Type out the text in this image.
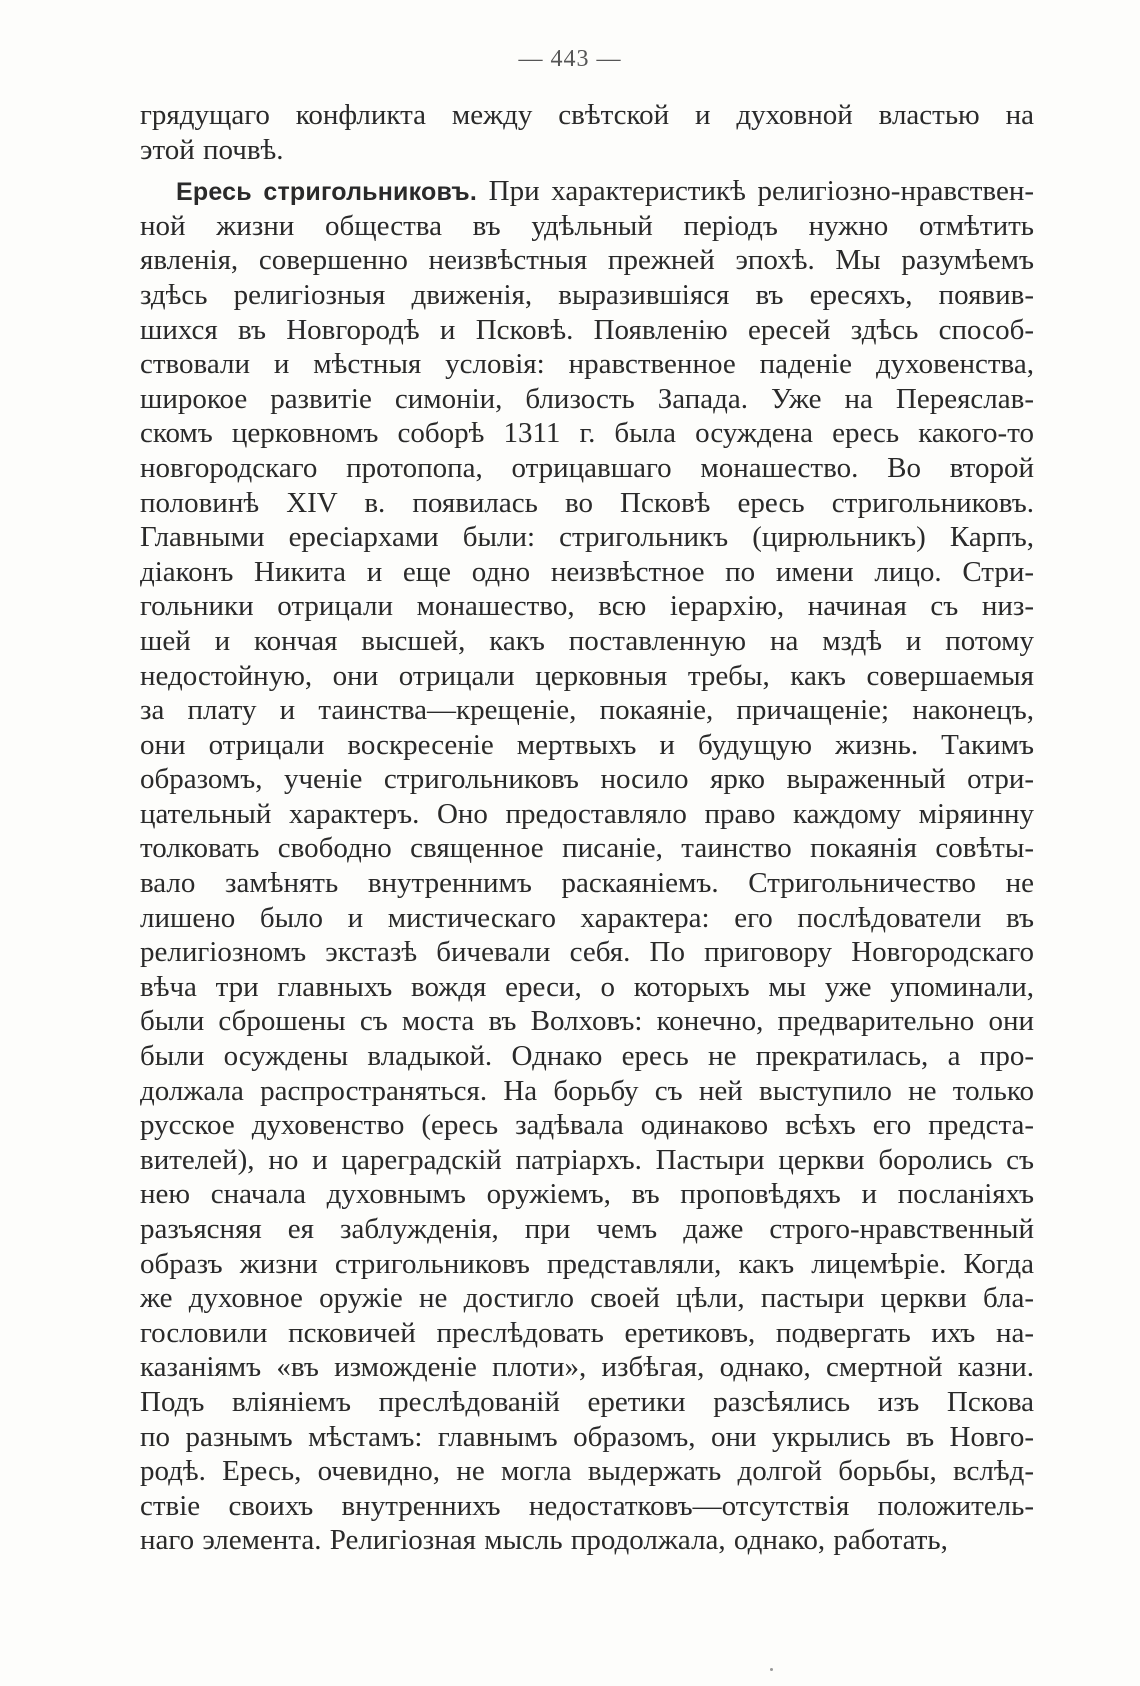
— 443 —
грядущаго конфликта между свѣтской и духовной властью на
этой почвѣ.
Ересь стригольниковъ. При характеристикѣ религіозно-нравствен-
ной жизни общества въ удѣльный періодъ нужно отмѣтить
явленія, совершенно неизвѣстныя прежней эпохѣ. Мы разумѣемъ
здѣсь религіозныя движенія, выразившіяся въ ересяхъ, появив-
шихся въ Новгородѣ и Псковѣ. Появленію ересей здѣсь способ-
ствовали и мѣстныя условія: нравственное паденіе духовенства,
широкое развитіе симоніи, близость Запада. Уже на Переяслав-
скомъ церковномъ соборѣ 1311 г. была осуждена ересь какого-то
новгородскаго протопопа, отрицавшаго монашество. Во второй
половинѣ XIV в. появилась во Псковѣ ересь стригольниковъ.
Главными ересіархами были: стригольникъ (цирюльникъ) Карпъ,
діаконъ Никита и еще одно неизвѣстное по имени лицо. Стри-
гольники отрицали монашество, всю іерархію, начиная съ низ-
шей и кончая высшей, какъ поставленную на мздѣ и потому
недостойную, они отрицали церковныя требы, какъ совершаемыя
за плату и таинства—крещеніе, покаяніе, причащеніе; наконецъ,
они отрицали воскресеніе мертвыхъ и будущую жизнь. Такимъ
образомъ, ученіе стригольниковъ носило ярко выраженный отри-
цательный характеръ. Оно предоставляло право каждому міряинну
толковать свободно священное писаніе, таинство покаянія совѣты-
вало замѣнять внутреннимъ раскаяніемъ. Стригольничество не
лишено было и мистическаго характера: его послѣдователи въ
религіозномъ экстазѣ бичевали себя. По приговору Новгородскаго
вѣча три главныхъ вождя ереси, о которыхъ мы уже упоминали,
были сброшены съ моста въ Волховъ: конечно, предварительно они
были осуждены владыкой. Однако ересь не прекратилась, а про-
должала распространяться. На борьбу съ ней выступило не только
русское духовенство (ересь задѣвала одинаково всѣхъ его предста-
вителей), но и цареградскій патріархъ. Пастыри церкви боролись съ
нею сначала духовнымъ оружіемъ, въ проповѣдяхъ и посланіяхъ
разъясняя ея заблужденія, при чемъ даже строго-нравственный
образъ жизни стригольниковъ представляли, какъ лицемѣріе. Когда
же духовное оружіе не достигло своей цѣли, пастыри церкви бла-
гословили псковичей преслѣдовать еретиковъ, подвергать ихъ на-
казаніямъ «въ изможденіе плоти», избѣгая, однако, смертной казни.
Подъ вліяніемъ преслѣдованій еретики разсѣялись изъ Пскова
по разнымъ мѣстамъ: главнымъ образомъ, они укрылись въ Новго-
родѣ. Ересь, очевидно, не могла выдержать долгой борьбы, вслѣд-
ствіе своихъ внутреннихъ недостатковъ—отсутствія положитель-
наго элемента. Религіозная мысль продолжала, однако, работать,
